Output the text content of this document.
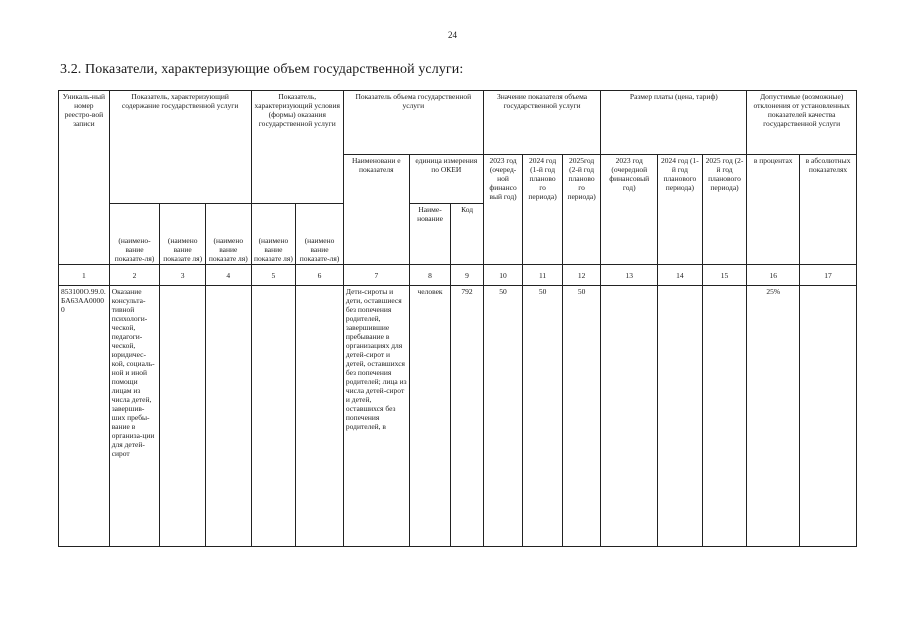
24
3.2. Показатели, характеризующие объем государственной услуги:
Уникаль-ный номер реестро-вой записи	Показатель, характеризующий содержание государственной услуги			Показатель, характеризующий условия (формы) оказания государственной услуги		Показатель объема государственной услуги			Значение показателя объема государственной услуги			Размер платы (цена, тариф)			Допустимые (возможные) отклонения от установленных показателей качества государственной услуги	
						Наименовани е показателя	единица измерения по ОКЕИ		2023 год (очеред-ной финансо вый год)	2024 год (1-й год планово го периода)	2025год (2-й год планово го периода)	2023 год (очередной финансовый год)	2024 год (1-й год планового периода)	2025 год (2-й год планового периода)	в процентах	в абсолютных показателях
							Наиме-нование	Код								
	(наимено-вание показате-ля)	(наимено вание показате ля)	(наимено вание показате ля)	(наимено вание показате ля)	(наимено вание показате-ля)											
1	2	3	4	5	6	7	8	9	10	11	12	13	14	15	16	17
853100О.99.0.БА63АА00000	Оказание консульта-тивной психологи-ческой, педагоги-ческой, юридичес-кой, социаль-ной и иной помощи лицам из числа детей, завершив-ших пребы-вание в организа-ции для детей-сирот					Дети-сироты и дети, оставшиеся без попечения родителей, завершившие пребывание в организациях для детей-сирот и детей, оставшихся без попечения родителей; лица из числа детей-сирот и детей, оставшихся без попечения родителей, в	человек	792	50	50	50				25%	
